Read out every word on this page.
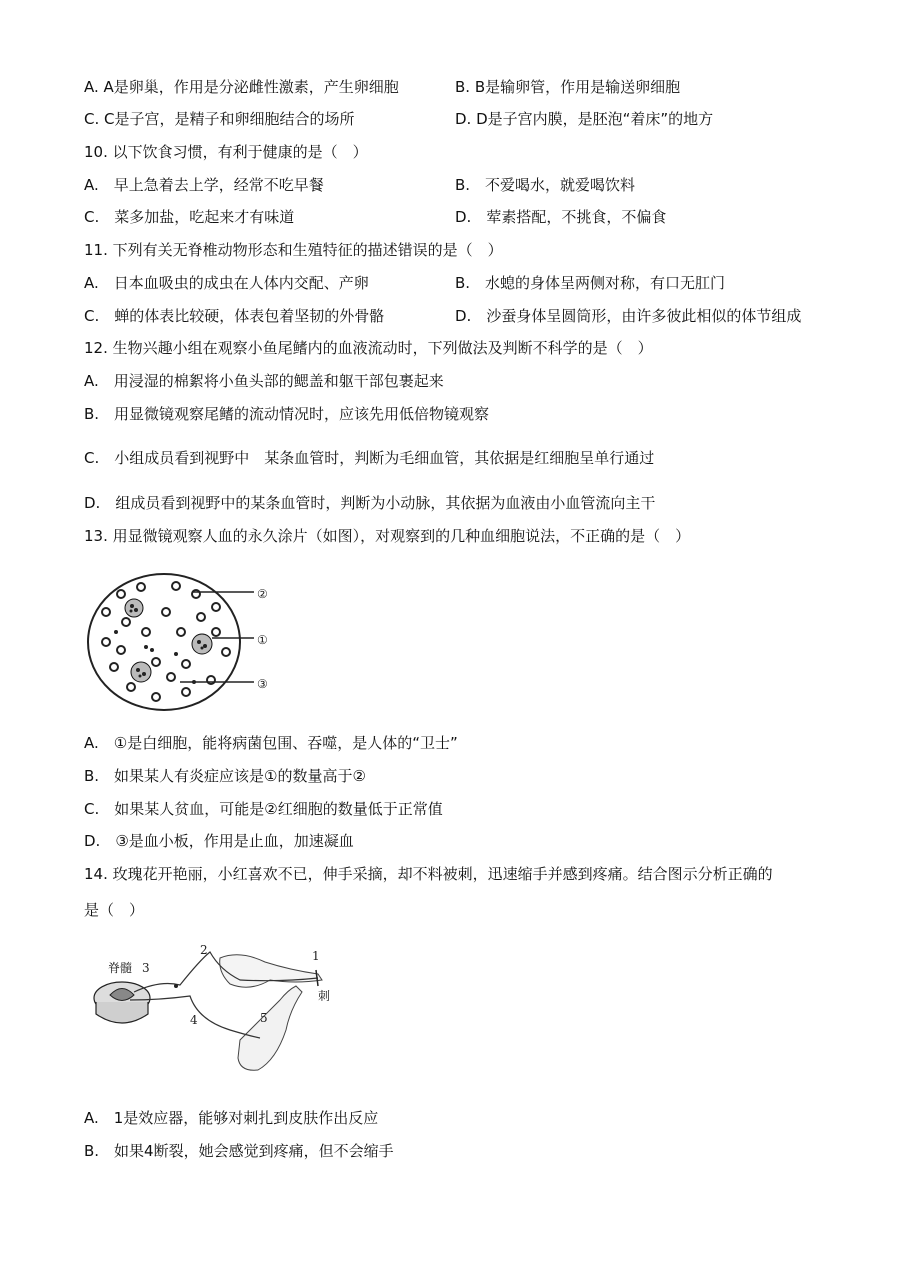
A. A是卵巢，作用是分泌雌性激素，产生卵细胞	B. B是输卵管，作用是输送卵细胞
C. C是子宫，是精子和卵细胞结合的场所	D. D是子宫内膜，是胚泡“着床”的地方
10. 以下饮食习惯，有利于健康的是（　）
A.　早上急着去上学，经常不吃早餐	B.　不爱喝水，就爱喝饮料
C.　菜多加盐，吃起来才有味道	D.　荤素搭配，不挑食，不偏食
11. 下列有关无脊椎动物形态和生殖特征的描述错误的是（　）
A.　日本血吸虫的成虫在人体内交配、产卵	B.　水螅的身体呈两侧对称，有口无肛门
C.　蝉的体表比较硬，体表包着坚韧的外骨骼	D.　沙蚕身体呈圆筒形，由许多彼此相似的体节组成
12. 生物兴趣小组在观察小鱼尾鳍内的血液流动时，下列做法及判断不科学的是（　）
A.　用浸湿的棉絮将小鱼头部的鳃盖和躯干部包裹起来
B.　用显微镜观察尾鳍的流动情况时，应该先用低倍物镜观察
C.　小组成员看到视野中　某条血管时，判断为毛细血管，其依据是红细胞呈单行通过
D.　组成员看到视野中的某条血管时，判断为小动脉，其依据为血液由小血管流向主干
13. 用显微镜观察人血的永久涂片（如图），对观察到的几种血细胞说法，不正确的是（　）
②
①
③
A.　①是白细胞，能将病菌包围、吞噬，是人体的“卫士”
B.　如果某人有炎症应该是①的数量高于②
C.　如果某人贫血，可能是②红细胞的数量低于正常值
D.　③是血小板，作用是止血，加速凝血
14. 玫瑰花开艳丽，小红喜欢不已，伸手采摘，却不料被刺，迅速缩手并感到疼痛。结合图示分析正确的
是（　）
脊髓 3
2	1
刺
4	5
A.　1是效应器，能够对刺扎到皮肤作出反应
B.　如果4断裂，她会感觉到疼痛，但不会缩手
